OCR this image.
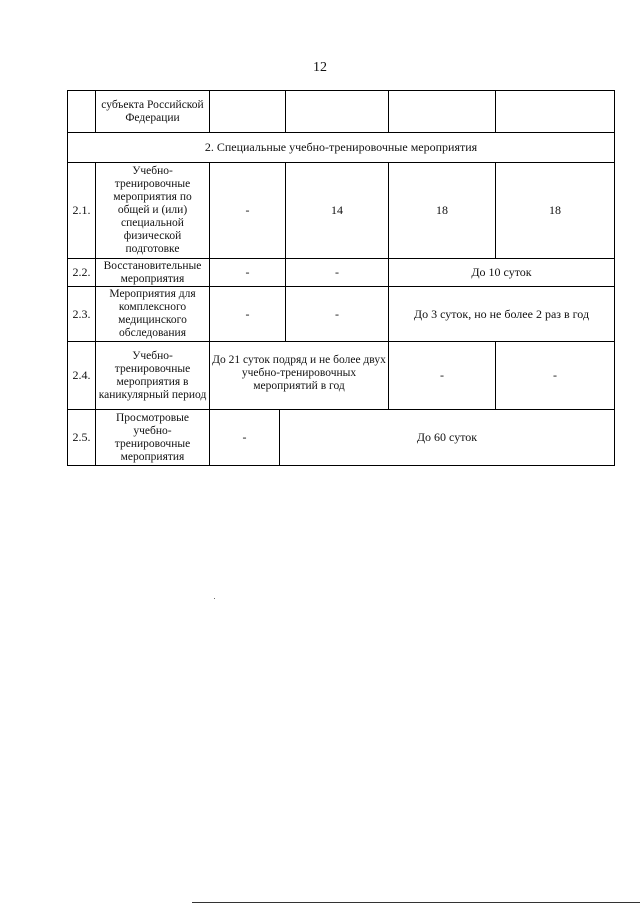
12
	субъекта Российской Федерации					
2. Специальные учебно-тренировочные мероприятия						
2.1.	Учебно-тренировочные мероприятия по общей и (или) специальной физической подготовке	-		14	18	18
2.2.	Восстановительные мероприятия	-		-	До 10 суток	
2.3.	Мероприятия для комплексного медицинского обследования	-		-	До 3 суток, но не более 2 раз в год	
2.4.	Учебно-тренировочные мероприятия в каникулярный период	До 21 суток подряд и не более двух учебно-тренировочных мероприятий в год			-	-
2.5.	Просмотровые учебно-тренировочные мероприятия	-	До 60 суток			
